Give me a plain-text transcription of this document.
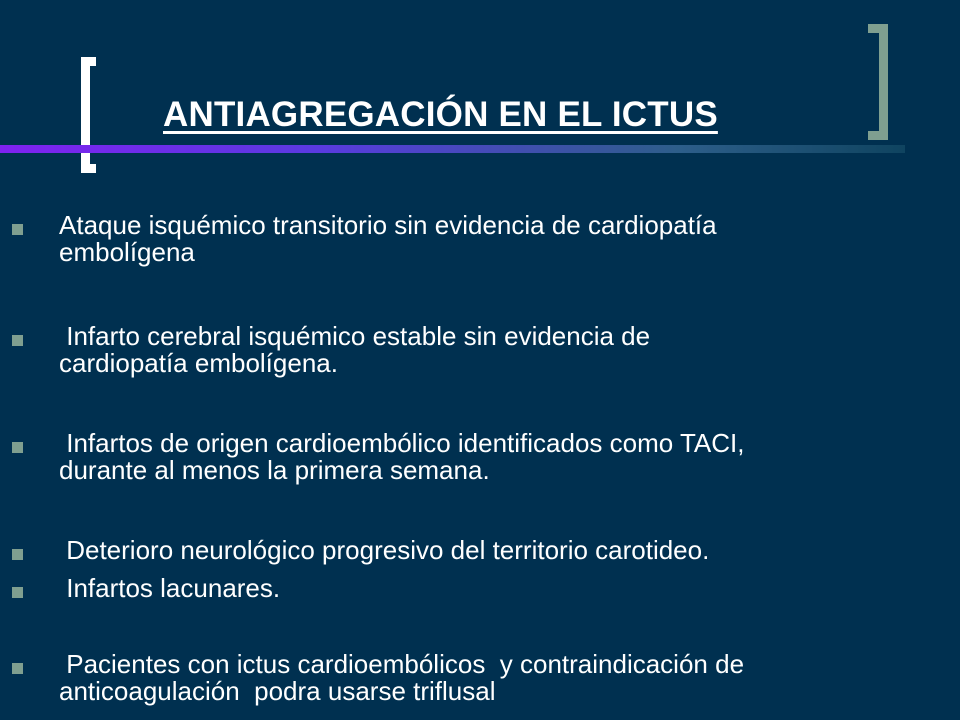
ANTIAGREGACIÓN EN EL ICTUS
Ataque isquémico transitorio sin evidencia de cardiopatía
embolígena
Infarto cerebral isquémico estable sin evidencia de
cardiopatía embolígena.
Infartos de origen cardioembólico identificados como TACI,
durante al menos la primera semana.
Deterioro neurológico progresivo del territorio carotideo.
Infartos lacunares.
Pacientes con ictus cardioembólicos  y contraindicación de
anticoagulación  podra usarse triflusal
